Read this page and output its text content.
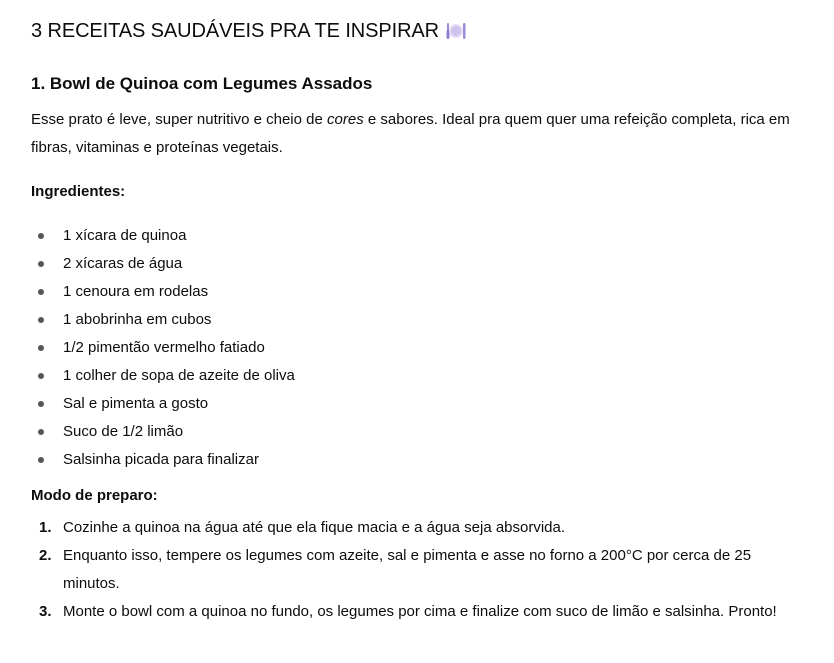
3 RECEITAS SAUDÁVEIS PRA TE INSPIRAR
1. Bowl de Quinoa com Legumes Assados

Esse prato é leve, super nutritivo e cheio de cores e sabores. Ideal pra quem quer uma refeição completa, rica em fibras, vitaminas e proteínas vegetais.

Ingredientes:
1 xícara de quinoa
2 xícaras de água
1 cenoura em rodelas
1 abobrinha em cubos
1/2 pimentão vermelho fatiado
1 colher de sopa de azeite de oliva
Sal e pimenta a gosto
Suco de 1/2 limão
Salsinha picada para finalizar
Modo de preparo:
1. Cozinhe a quinoa na água até que ela fique macia e a água seja absorvida.
2. Enquanto isso, tempere os legumes com azeite, sal e pimenta e asse no forno a 200°C por cerca de 25 minutos.
3. Monte o bowl com a quinoa no fundo, os legumes por cima e finalize com suco de limão e salsinha. Pronto!
